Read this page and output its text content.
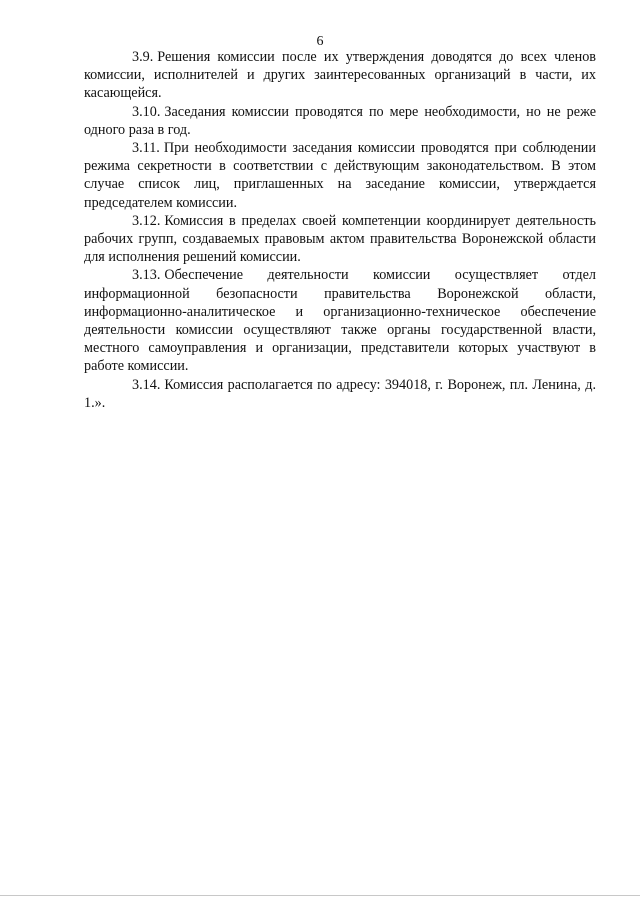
6

3.9. Решения комиссии после их утверждения доводятся до всех членов комиссии, исполнителей и других заинтересованных организаций в части, их касающейся.

3.10. Заседания комиссии проводятся по мере необходимости, но не реже одного раза в год.

3.11. При необходимости заседания комиссии проводятся при соблюдении режима секретности в соответствии с действующим законодательством. В этом случае список лиц, приглашенных на заседание комиссии, утверждается председателем комиссии.

3.12. Комиссия в пределах своей компетенции координирует деятельность рабочих групп, создаваемых правовым актом правительства Воронежской области для исполнения решений комиссии.

3.13. Обеспечение деятельности комиссии осуществляет отдел информационной безопасности правительства Воронежской области, информационно-аналитическое и организационно-техническое обеспечение деятельности комиссии осуществляют также органы государственной власти, местного самоуправления и организации, представители которых участвуют в работе комиссии.

3.14. Комиссия располагается по адресу: 394018, г. Воронеж, пл. Ленина, д. 1.».
